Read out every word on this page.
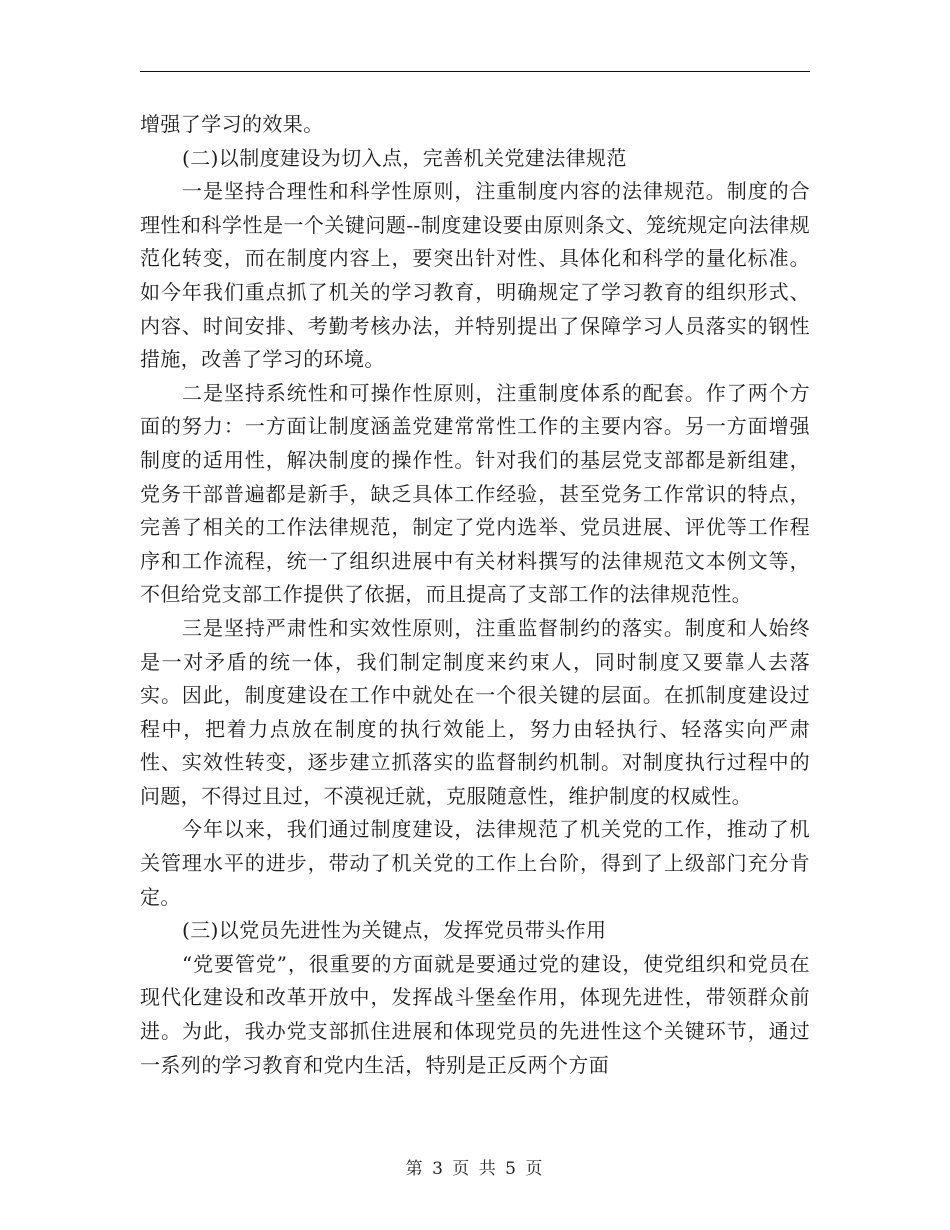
增强了学习的效果。

(二)以制度建设为切入点，完善机关党建法律规范

一是坚持合理性和科学性原则，注重制度内容的法律规范。制度的合理性和科学性是一个关键问题--制度建设要由原则条文、笼统规定向法律规范化转变，而在制度内容上，要突出针对性、具体化和科学的量化标准。如今年我们重点抓了机关的学习教育，明确规定了学习教育的组织形式、内容、时间安排、考勤考核办法，并特别提出了保障学习人员落实的钢性措施，改善了学习的环境。

二是坚持系统性和可操作性原则，注重制度体系的配套。作了两个方面的努力：一方面让制度涵盖党建常常性工作的主要内容。另一方面增强制度的适用性，解决制度的操作性。针对我们的基层党支部都是新组建，党务干部普遍都是新手，缺乏具体工作经验，甚至党务工作常识的特点，完善了相关的工作法律规范，制定了党内选举、党员进展、评优等工作程序和工作流程，统一了组织进展中有关材料撰写的法律规范文本例文等，不但给党支部工作提供了依据，而且提高了支部工作的法律规范性。

三是坚持严肃性和实效性原则，注重监督制约的落实。制度和人始终是一对矛盾的统一体，我们制定制度来约束人，同时制度又要靠人去落实。因此，制度建设在工作中就处在一个很关键的层面。在抓制度建设过程中，把着力点放在制度的执行效能上，努力由轻执行、轻落实向严肃性、实效性转变，逐步建立抓落实的监督制约机制。对制度执行过程中的问题，不得过且过，不漠视迁就，克服随意性，维护制度的权威性。

今年以来，我们通过制度建设，法律规范了机关党的工作，推动了机关管理水平的进步，带动了机关党的工作上台阶，得到了上级部门充分肯定。

(三)以党员先进性为关键点，发挥党员带头作用

“党要管党”，很重要的方面就是要通过党的建设，使党组织和党员在现代化建设和改革开放中，发挥战斗堡垒作用，体现先进性，带领群众前进。为此，我办党支部抓住进展和体现党员的先进性这个关键环节，通过一系列的学习教育和党内生活，特别是正反两个方面

第 3 页 共 5 页
